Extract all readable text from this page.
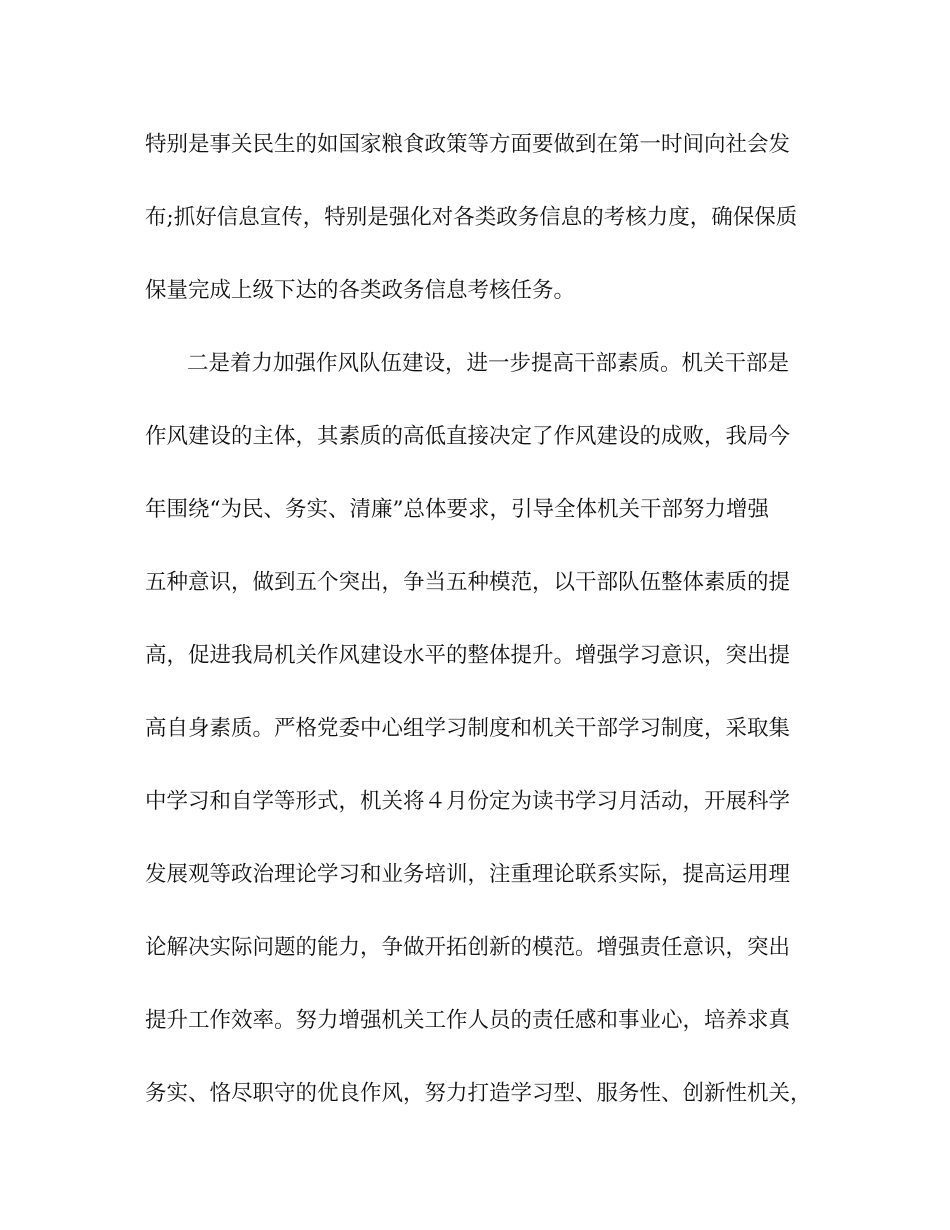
特别是事关民生的如国家粮食政策等方面要做到在第一时间向社会发
布;抓好信息宣传，特别是强化对各类政务信息的考核力度，确保保质
保量完成上级下达的各类政务信息考核任务。
二是着力加强作风队伍建设，进一步提高干部素质。机关干部是
作风建设的主体，其素质的高低直接决定了作风建设的成败，我局今
年围绕“为民、务实、清廉”总体要求，引导全体机关干部努力增强
五种意识，做到五个突出，争当五种模范，以干部队伍整体素质的提
高，促进我局机关作风建设水平的整体提升。增强学习意识，突出提
高自身素质。严格党委中心组学习制度和机关干部学习制度，采取集
中学习和自学等形式，机关将４月份定为读书学习月活动，开展科学
发展观等政治理论学习和业务培训，注重理论联系实际，提高运用理
论解决实际问题的能力，争做开拓创新的模范。增强责任意识，突出
提升工作效率。努力增强机关工作人员的责任感和事业心，培养求真
务实、恪尽职守的优良作风，努力打造学习型、服务性、创新性机关，
